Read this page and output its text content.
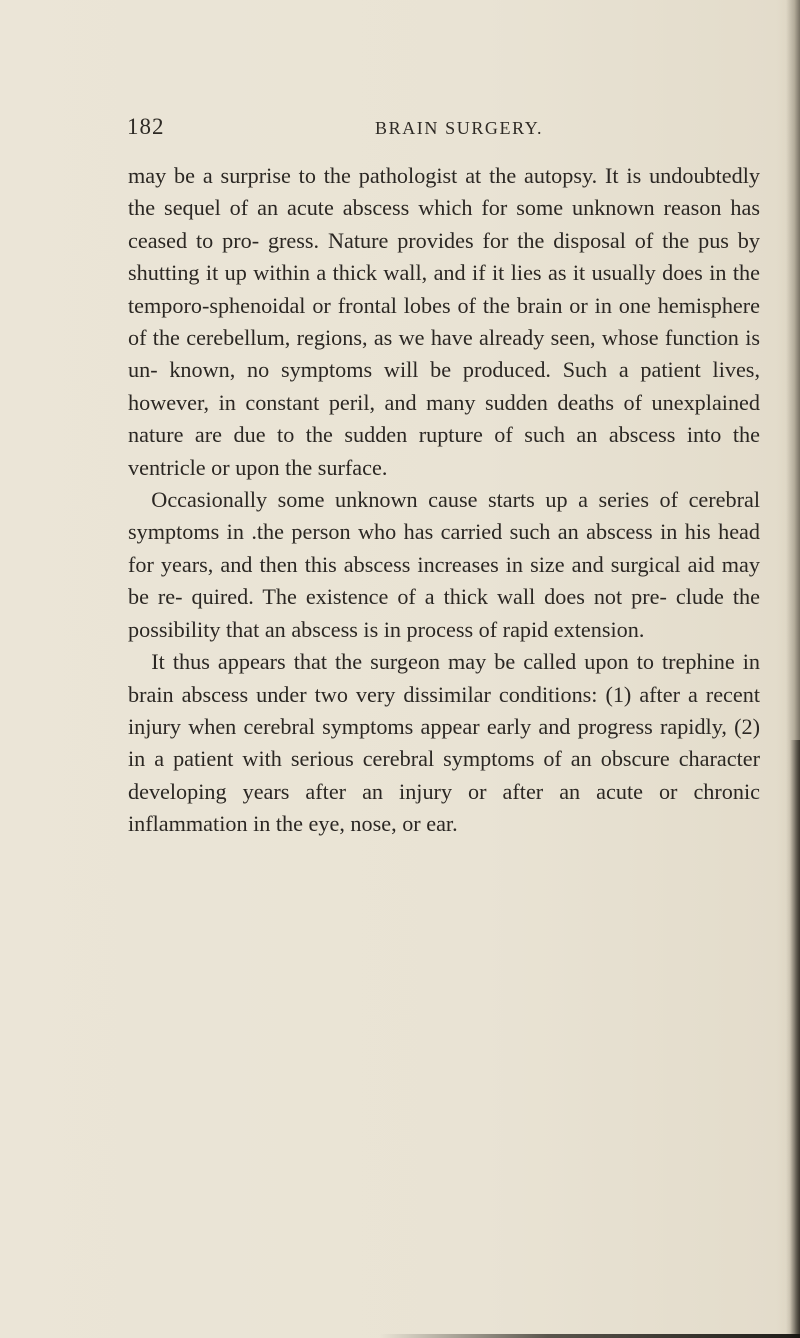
182	BRAIN SURGERY.

may be a surprise to the pathologist at the autopsy. It is undoubtedly the sequel of an acute abscess which for some unknown reason has ceased to pro- gress. Nature provides for the disposal of the pus by shutting it up within a thick wall, and if it lies as it usually does in the temporo-sphenoidal or frontal lobes of the brain or in one hemisphere of the cerebellum, regions, as we have already seen, whose function is un- known, no symptoms will be produced. Such a patient lives, however, in constant peril, and many sudden deaths of unexplained nature are due to the sudden rupture of such an abscess into the ventricle or upon the surface.

Occasionally some unknown cause starts up a series of cerebral symptoms in .the person who has carried such an abscess in his head for years, and then this abscess increases in size and surgical aid may be re- quired. The existence of a thick wall does not pre- clude the possibility that an abscess is in process of rapid extension.

It thus appears that the surgeon may be called upon to trephine in brain abscess under two very dissimilar conditions: (1) after a recent injury when cerebral symptoms appear early and progress rapidly, (2) in a patient with serious cerebral symptoms of an obscure character developing years after an injury or after an acute or chronic inflammation in the eye, nose, or ear.
